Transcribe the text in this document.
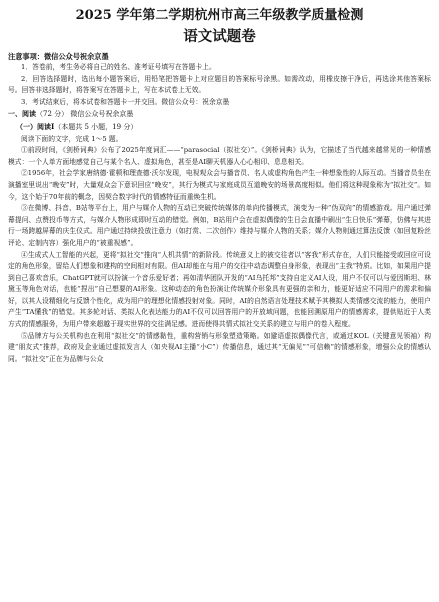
2025 学年第二学期杭州市高三年级教学质量检测
语文试题卷
注意事项：微信公众号祝余京墨

1．答卷前，考生务必将自己的姓名、准考证号填写在答题卡上。

2．回答选择题时，选出每小题答案后，用铅笔把答题卡上对应题目的答案标号涂黑。如需改动，用橡皮擦干净后，再选涂其他答案标号。回答非选择题时，将答案写在答题卡上，写在本试卷上无效。

3．考试结束后，将本试卷和答题卡一并交回。微信公众号：祝余京墨

一、阅读（72 分） 微信公众号祝余京墨

（一）阅读Ⅰ（本题共 5 小题，19 分）

阅读下面的文字，完成 1～5 题。

①前段时间，《剑桥词典》公布了2025年度词汇——“parasocial（拟社交）”。《剑桥词典》认为，它描述了当代越来越常见的一种情感模式：一个人单方面地感觉自己与某个名人、虚拟角色，甚至是AI聊天机器人心心相印、息息相关。

②1956年，社会学家唐纳德·霍顿和理查德·沃尔发现，电视观众会与播音员、名人或虚构角色产生一种想象性的人际互动。当播音员坐在演播室里说出“晚安”时，大量观众会下意识回应“晚安”，其行为模式与家庭成员互道晚安的场景高度相似。他们将这种现象称为“拟社交”。如今，这个始于70年前的概念，因契合数字时代的情感特征而重焕生机。

③在微博、抖音、B站等平台上，用户与媒介人物的互动已突破传统媒体的单向传播模式，演变为一种“伪双向”的情感游戏。用户通过弹幕提问、点赞投币等方式，与媒介人物形成即时互动的错觉。例如，B站用户会在虚拟偶像的生日会直播中刷出“生日快乐”弹幕，仿佛与其进行一场跨越屏幕的庆生仪式。用户通过持续投放注意力（如打赏、二次创作）维持与媒介人物的关系；媒介人物则通过算法反馈（如回复粉丝评论、定制内容）强化用户的“被重视感”。

④生成式人工智能的兴起，更将“拟社交”推向“人机共情”的新阶段。传统意义上的被交往者以“客我”形式存在，人们只能接受或回应可设定的角色形象，留给人们想象和建构的空间相对有限。但AI却能在与用户的交往中动态调整自身形象，表现出“主我”特质。比如，如果用户提到自己喜欢音乐，ChatGPT就可以扮演一个音乐爱好者；再如清华团队开发的“AI乌托邦”支持自定义AI人设，用户不仅可以与爱因斯坦、林黛玉等角色对话，也能“捏出”自己想要的AI形象。这种动态的角色扮演让传统媒介形象具有更强的亲和力，能更好适应不同用户的需求和偏好，以其人设精细化与反馈个性化，成为用户的理想化情感投射对象。同时，AI的自然语言处理技术赋予其模拟人类情感交流的能力，使用户产生“TA懂我”的错觉。其多轮对话、类拟人化表达能力的AI不仅可以回答用户的开放域问题，也能回溯原用户的情感需求，提供贴近于人类方式的情感服务，为用户带来超越于现实世界的交往满足感。进而使得共情式拟社交关系的建立与用户的卷入程度。

⑤品牌方与公关机构也在利用“拟社交”的情感黏性，重构营销与形象塑造策略。如避语虚拟偶像代言，或通过KOL（关键意见领袖）构建“朋友式”推荐，政府及企业通过虚拟发言人（如央视AI主播“小C”）传播信息，通过其“无偏见”“可信赖”的情感形象，增强公众的情感认同。“拟社交”正在为品牌与公众
